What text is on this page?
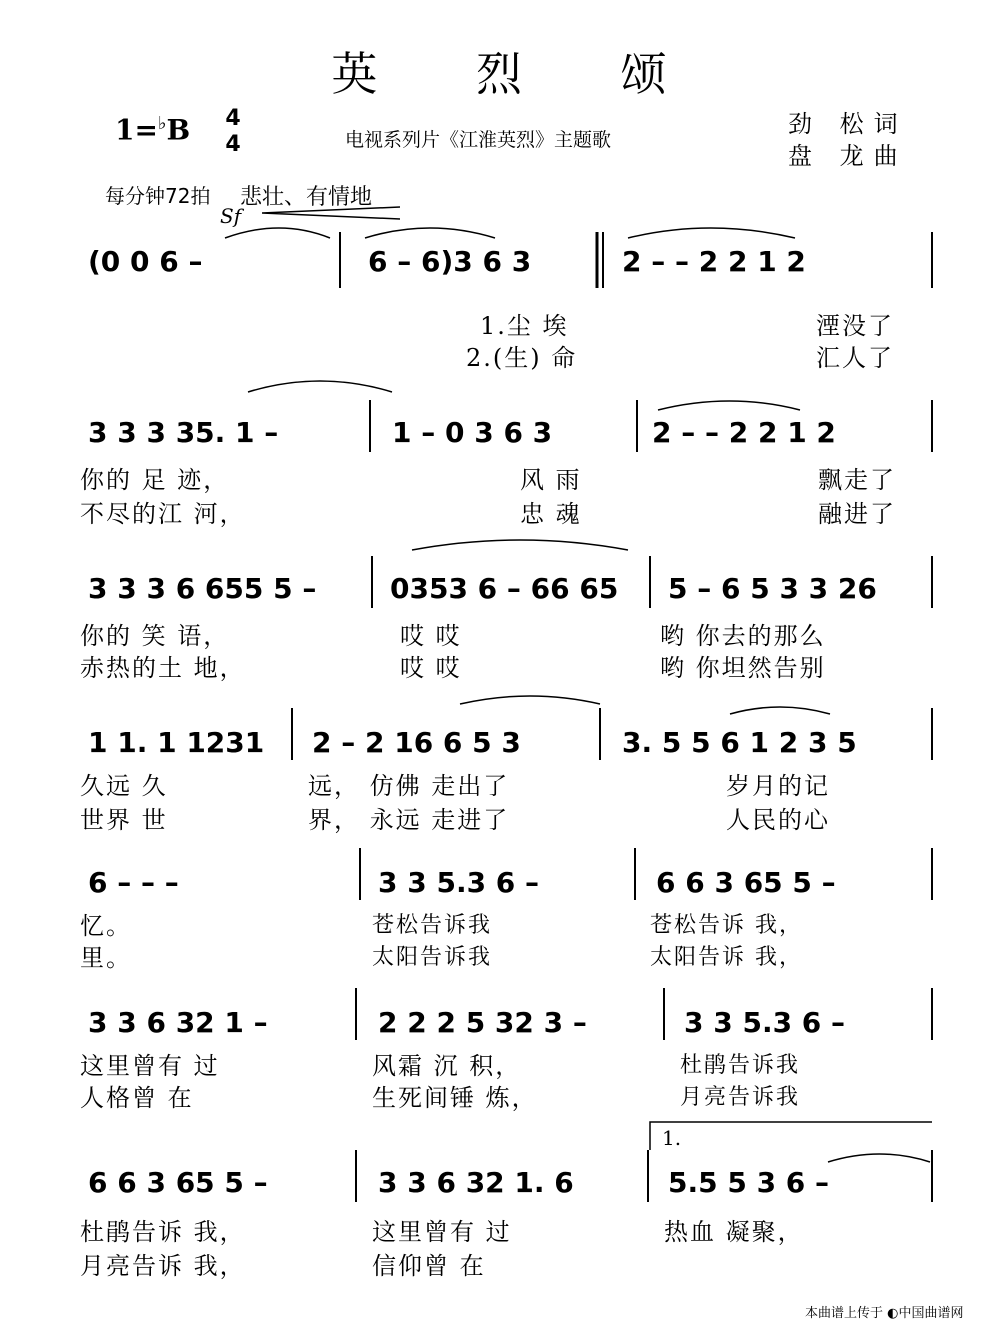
英 烈 颂
1=♭B 4
4	电视系列片《江淮英烈》主题歌
劲 松词
盘 龙曲
每分钟72拍 悲壮、有情地
Sf
(0 0 6 –	6 – 6)3 6 3	2 – – 2 2 1 2
1.尘 埃	湮没了
2.(生) 命	汇人了
3 3 3 35. 1 –	1 – 0 3 6 3	2 – – 2 2 1 2
你的 足 迹，	风 雨	飘走了
不尽的江 河，	忠 魂	融进了
3 3 3 6 655 5 –	0353 6 – 66 65 5 – 6 5 3 3 26
你的 笑 语，	哎 哎	哟 你去的那么
赤热的土 地，	哎 哎	哟 你坦然告别
1 1. 1 1231 2 – 2 16 6 5 3	3. 5 5 6 1 2 3 5
久远 久	远， 仿佛 走出了	岁月的记
世界 世	界， 永远 走进了	人民的心
6 – – –	3 3 5.3 6 –	6 6 3 65 5 –
忆。	苍松告诉我	苍松告诉 我，
里。	太阳告诉我	太阳告诉 我，
3 3 6 32 1 –	2 2 2 5 32 3 –	3 3 5.3 6 –
这里曾有 过	风霜 沉 积，	杜鹃告诉我
人格曾 在	生死间锤 炼，	月亮告诉我
1.
6 6 3 65 5 –	3 3 6 32 1. 6	5.5 5 3 6 –
杜鹃告诉 我，	这里曾有 过	热血 凝聚，
月亮告诉 我，	信仰曾 在
本曲谱上传于 ◐中国曲谱网
